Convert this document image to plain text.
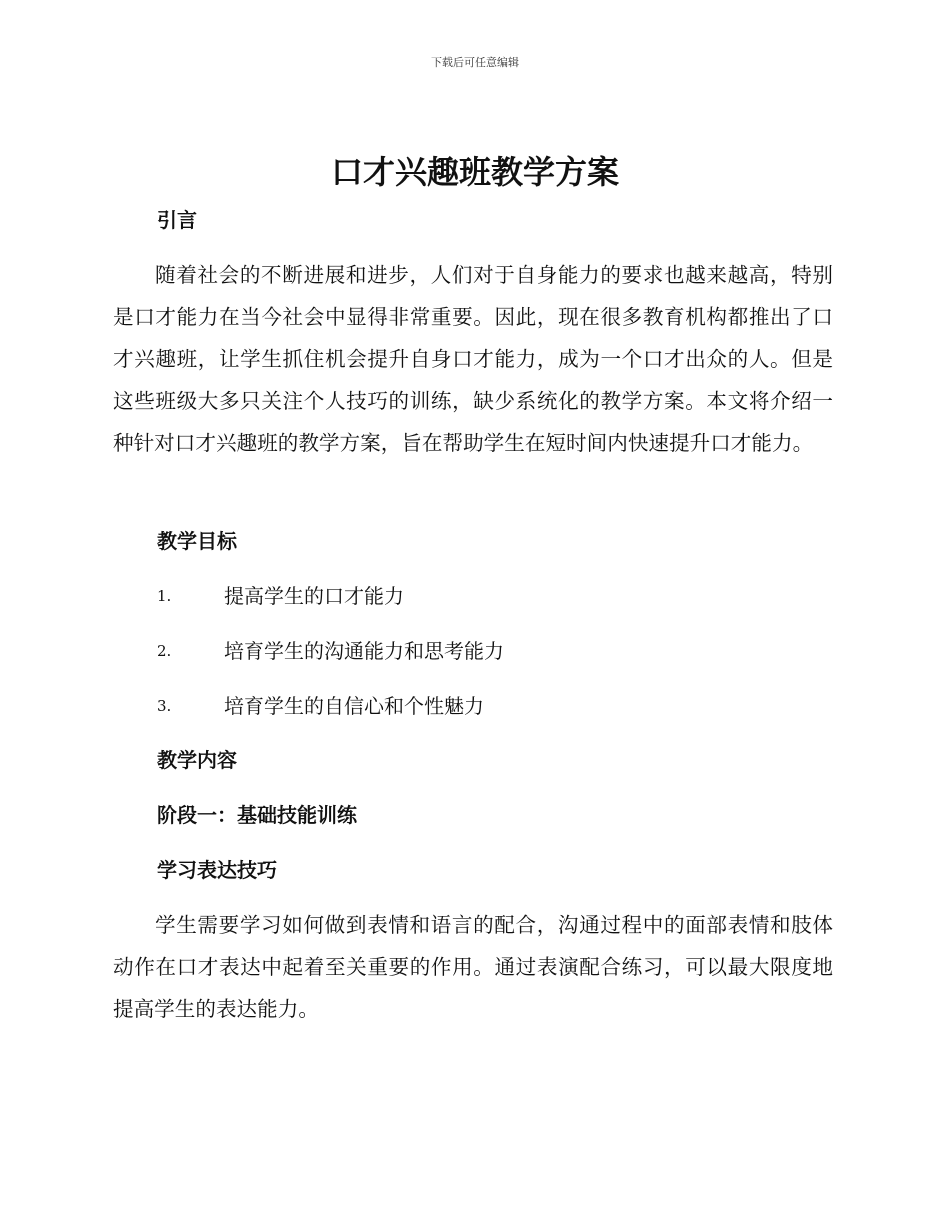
下载后可任意编辑
口才兴趣班教学方案
引言

随着社会的不断进展和进步，人们对于自身能力的要求也越来越高，特别是口才能力在当今社会中显得非常重要。因此，现在很多教育机构都推出了口才兴趣班，让学生抓住机会提升自身口才能力，成为一个口才出众的人。但是这些班级大多只关注个人技巧的训练，缺少系统化的教学方案。本文将介绍一种针对口才兴趣班的教学方案，旨在帮助学生在短时间内快速提升口才能力。

教学目标
1.	提高学生的口才能力
2.	培育学生的沟通能力和思考能力
3.	培育学生的自信心和个性魅力
教学内容
阶段一：基础技能训练
学习表达技巧

学生需要学习如何做到表情和语言的配合，沟通过程中的面部表情和肢体动作在口才表达中起着至关重要的作用。通过表演配合练习，可以最大限度地提高学生的表达能力。
